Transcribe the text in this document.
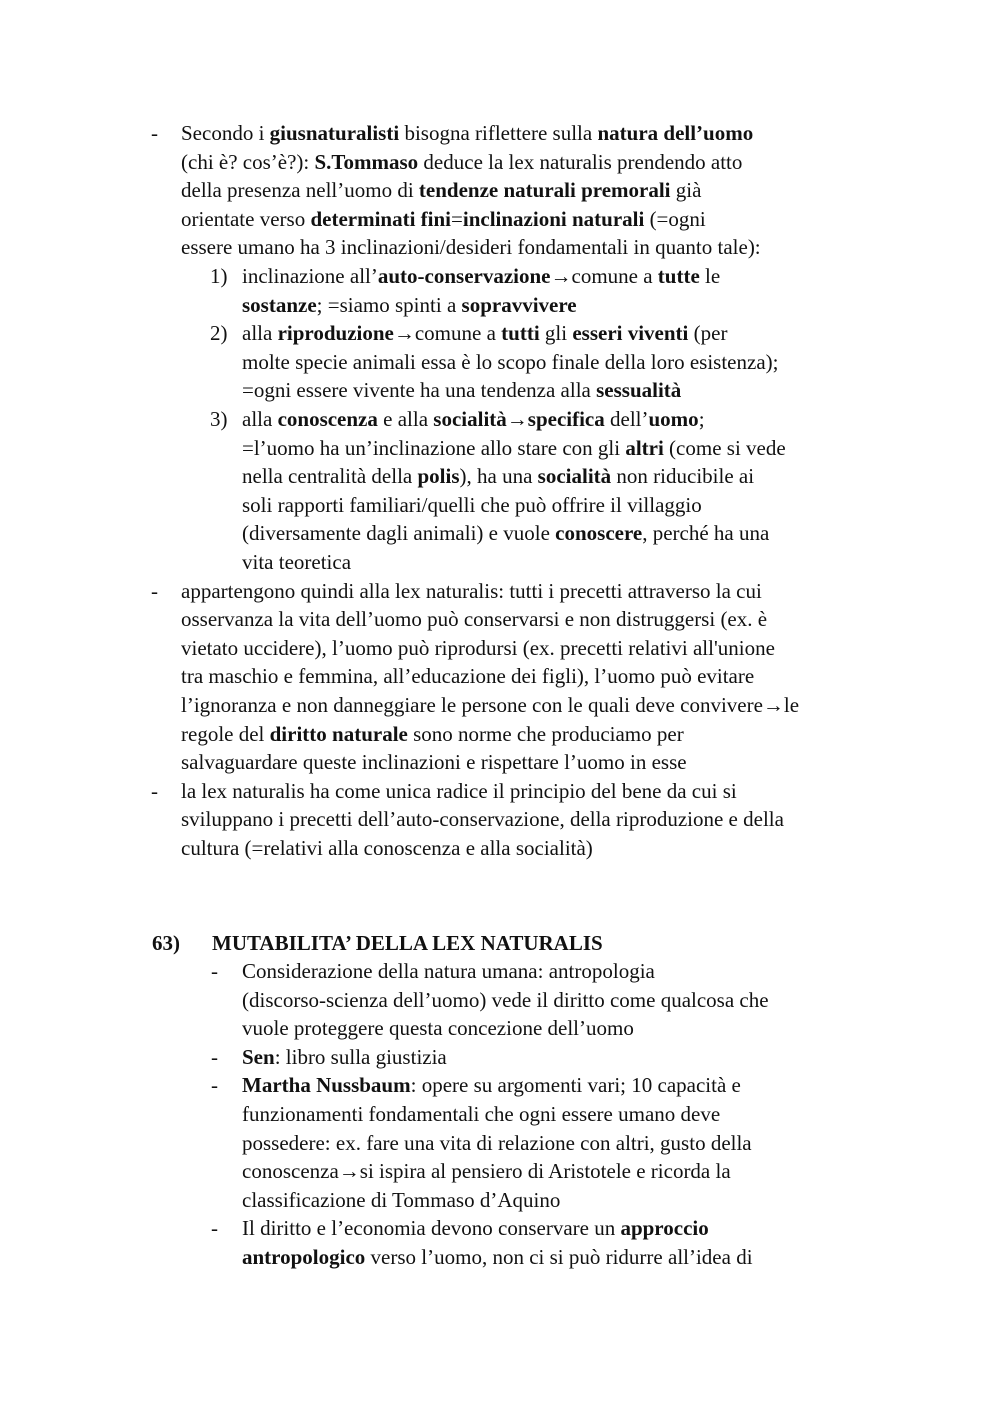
- Secondo i giusnaturalisti bisogna riflettere sulla natura dell’uomo
(chi è? cos’è?): S.Tommaso deduce la lex naturalis prendendo atto
della presenza nell’uomo di tendenze naturali premorali già
orientate verso determinati fini=inclinazioni naturali (=ogni
essere umano ha 3 inclinazioni/desideri fondamentali in quanto tale):
1) inclinazione all’auto-conservazione→comune a tutte le
sostanze; =siamo spinti a sopravvivere
2) alla riproduzione→comune a tutti gli esseri viventi (per
molte specie animali essa è lo scopo finale della loro esistenza);
=ogni essere vivente ha una tendenza alla sessualità
3) alla conoscenza e alla socialità→specifica dell’uomo;
=l’uomo ha un’inclinazione allo stare con gli altri (come si vede
nella centralità della polis), ha una socialità non riducibile ai
soli rapporti familiari/quelli che può offrire il villaggio
(diversamente dagli animali) e vuole conoscere, perché ha una
vita teoretica
- appartengono quindi alla lex naturalis: tutti i precetti attraverso la cui
osservanza la vita dell’uomo può conservarsi e non distruggersi (ex. è
vietato uccidere), l’uomo può riprodursi (ex. precetti relativi all'unione
tra maschio e femmina, all’educazione dei figli), l’uomo può evitare
l’ignoranza e non danneggiare le persone con le quali deve convivere→le
regole del diritto naturale sono norme che produciamo per
salvaguardare queste inclinazioni e rispettare l’uomo in esse
- la lex naturalis ha come unica radice il principio del bene da cui si
sviluppano i precetti dell’auto-conservazione, della riproduzione e della
cultura (=relativi alla conoscenza e alla socialità)
63) MUTABILITA’ DELLA LEX NATURALIS
- Considerazione della natura umana: antropologia
(discorso-scienza dell’uomo) vede il diritto come qualcosa che
vuole proteggere questa concezione dell’uomo
- Sen: libro sulla giustizia
- Martha Nussbaum: opere su argomenti vari; 10 capacità e
funzionamenti fondamentali che ogni essere umano deve
possedere: ex. fare una vita di relazione con altri, gusto della
conoscenza→si ispira al pensiero di Aristotele e ricorda la
classificazione di Tommaso d’Aquino
- Il diritto e l’economia devono conservare un approccio
antropologico verso l’uomo, non ci si può ridurre all’idea di
